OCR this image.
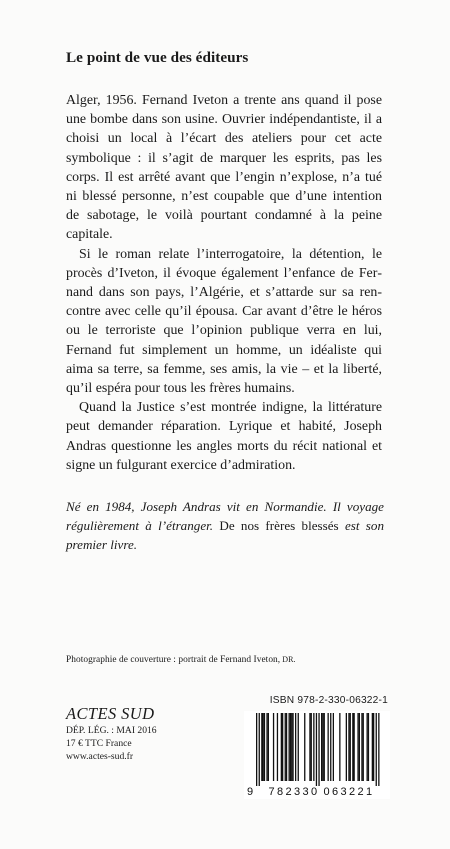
Le point de vue des éditeurs

Alger, 1956. Fernand Iveton a trente ans quand il pose une bombe dans son usine. Ouvrier indépendantiste, il a choisi un local à l’écart des ateliers pour cet acte symbolique : il s’agit de marquer les esprits, pas les corps. Il est arrêté avant que l’engin n’explose, n’a tué ni blessé personne, n’est coupable que d’une intention de sabotage, le voilà pourtant condamné à la peine capitale.

Si le roman relate l’interrogatoire, la détention, le procès d’Iveton, il évoque également l’enfance de Fernand dans son pays, l’Algérie, et s’attarde sur sa rencontre avec celle qu’il épousa. Car avant d’être le héros ou le terroriste que l’opinion publique verra en lui, Fernand fut simplement un homme, un idéaliste qui aima sa terre, sa femme, ses amis, la vie – et la liberté, qu’il espéra pour tous les frères humains.

Quand la Justice s’est montrée indigne, la littérature peut demander réparation. Lyrique et habité, Joseph Andras questionne les angles morts du récit national et signe un fulgurant exercice d’admiration.

Né en 1984, Joseph Andras vit en Normandie. Il voyage régulièrement à l’étranger. De nos frères blessés est son premier livre.
Photographie de couverture : portrait de Fernand Iveton, DR.
ACTES SUD
DÉP. LÉG. : MAI 2016
17 € TTC France
www.actes-sud.fr
ISBN 978-2-330-06322-1
9 782330 063221
